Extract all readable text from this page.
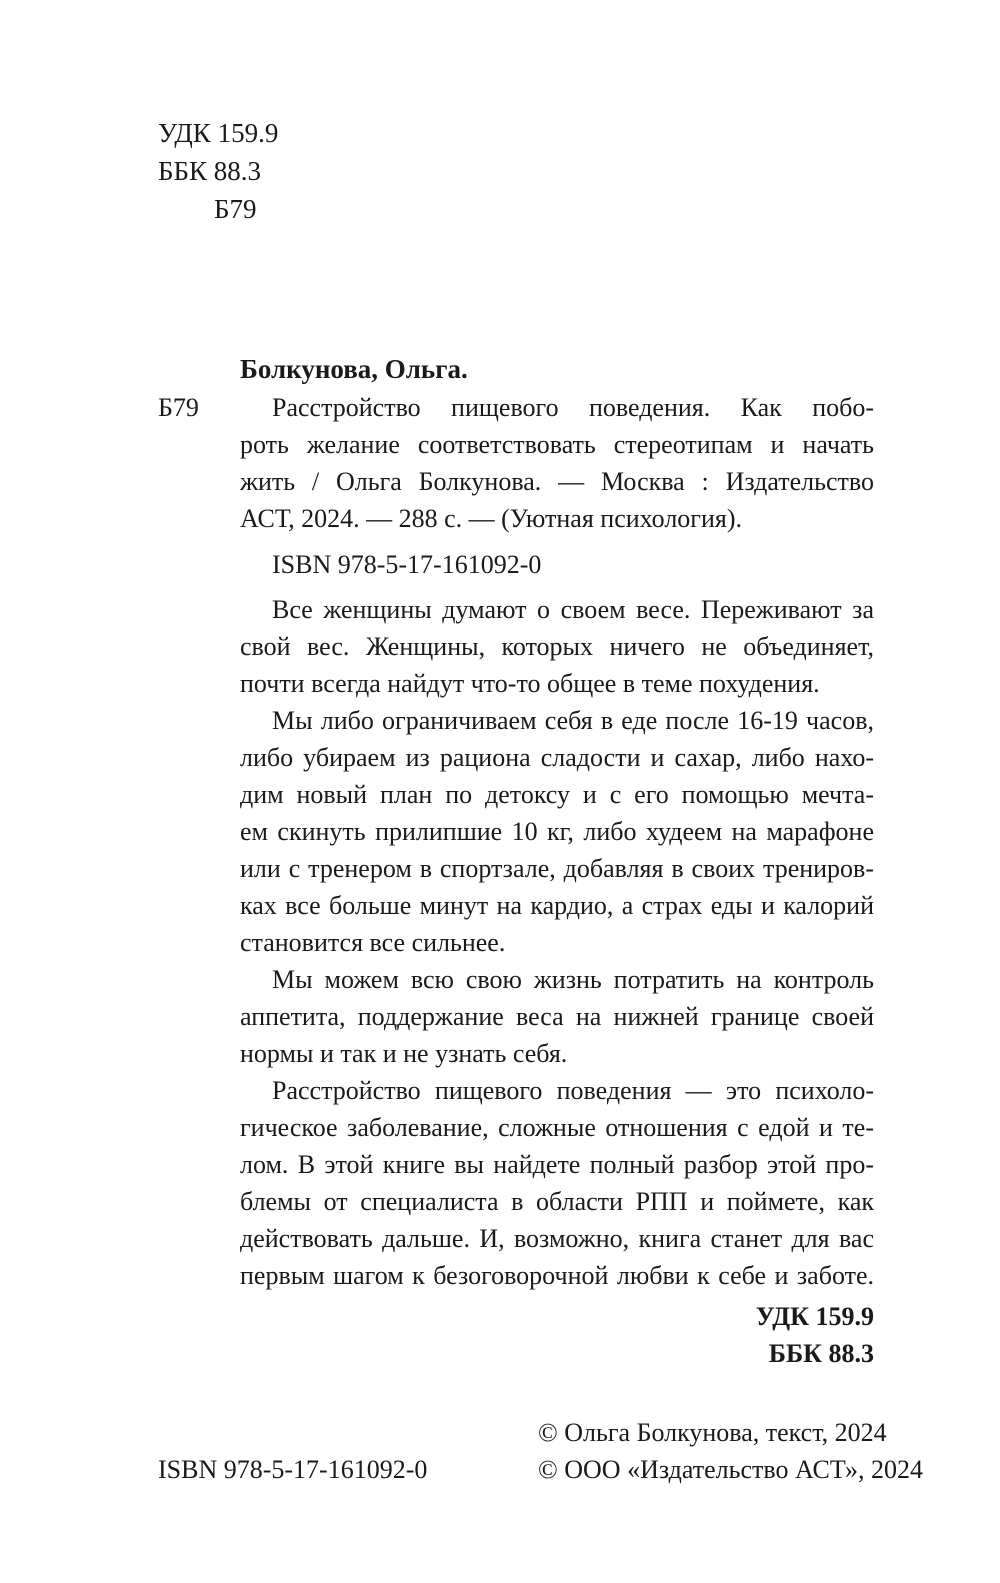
УДК 159.9
ББК 88.3
Б79
Болкунова, Ольга.
Б79	Расстройство пищевого поведения. Как побо-
роть желание соответствовать стереотипам и начать
жить / Ольга Болкунова. — Москва : Издательство
АСТ, 2024. — 288 с. — (Уютная психология).
ISBN 978-5-17-161092-0
Все женщины думают о своем весе. Переживают за
свой вес. Женщины, которых ничего не объединяет,
почти всегда найдут что-то общее в теме похудения.
Мы либо ограничиваем себя в еде после 16-19 часов,
либо убираем из рациона сладости и сахар, либо нахо-
дим новый план по детоксу и с его помощью мечта-
ем скинуть прилипшие 10 кг, либо худеем на марафоне
или с тренером в спортзале, добавляя в своих трениров-
ках все больше минут на кардио, а страх еды и калорий
становится все сильнее.
Мы можем всю свою жизнь потратить на контроль
аппетита, поддержание веса на нижней границе своей
нормы и так и не узнать себя.
Расстройство пищевого поведения — это психоло-
гическое заболевание, сложные отношения с едой и те-
лом. В этой книге вы найдете полный разбор этой про-
блемы от специалиста в области РПП и поймете, как
действовать дальше. И, возможно, книга станет для вас
первым шагом к безоговорочной любви к себе и заботе.
УДК 159.9
ББК 88.3
© Ольга Болкунова, текст, 2024
ISBN 978-5-17-161092-0	© ООО «Издательство АСТ», 2024
